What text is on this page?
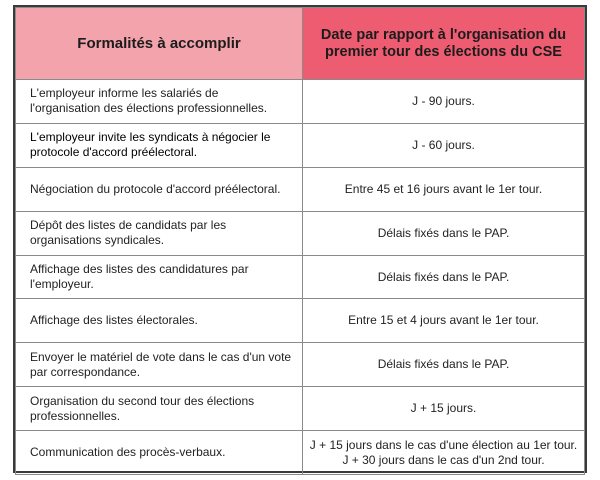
Formalités à accomplir	Date par rapport à l'organisation du premier tour des élections du CSE
L'employeur informe les salariés de l'organisation des élections professionnelles.	J - 90 jours.

L'employeur invite les syndicats à négocier le protocole d'accord préélectoral.	J - 60 jours.

Négociation du protocole d'accord préélectoral.	Entre 45 et 16 jours avant le 1er tour.

Dépôt des listes de candidats par les organisations syndicales.	Délais fixés dans le PAP.

Affichage des listes des candidatures par l'employeur.	Délais fixés dans le PAP.

Affichage des listes électorales.	Entre 15 et 4 jours avant le 1er tour.

Envoyer le matériel de vote dans le cas d'un vote par correspondance.	Délais fixés dans le PAP.

Organisation du second tour des élections professionnelles.	J + 15 jours.

Communication des procès-verbaux.	J + 15 jours dans le cas d'une élection au 1er tour.
J + 30 jours dans le cas d'un 2nd tour.
